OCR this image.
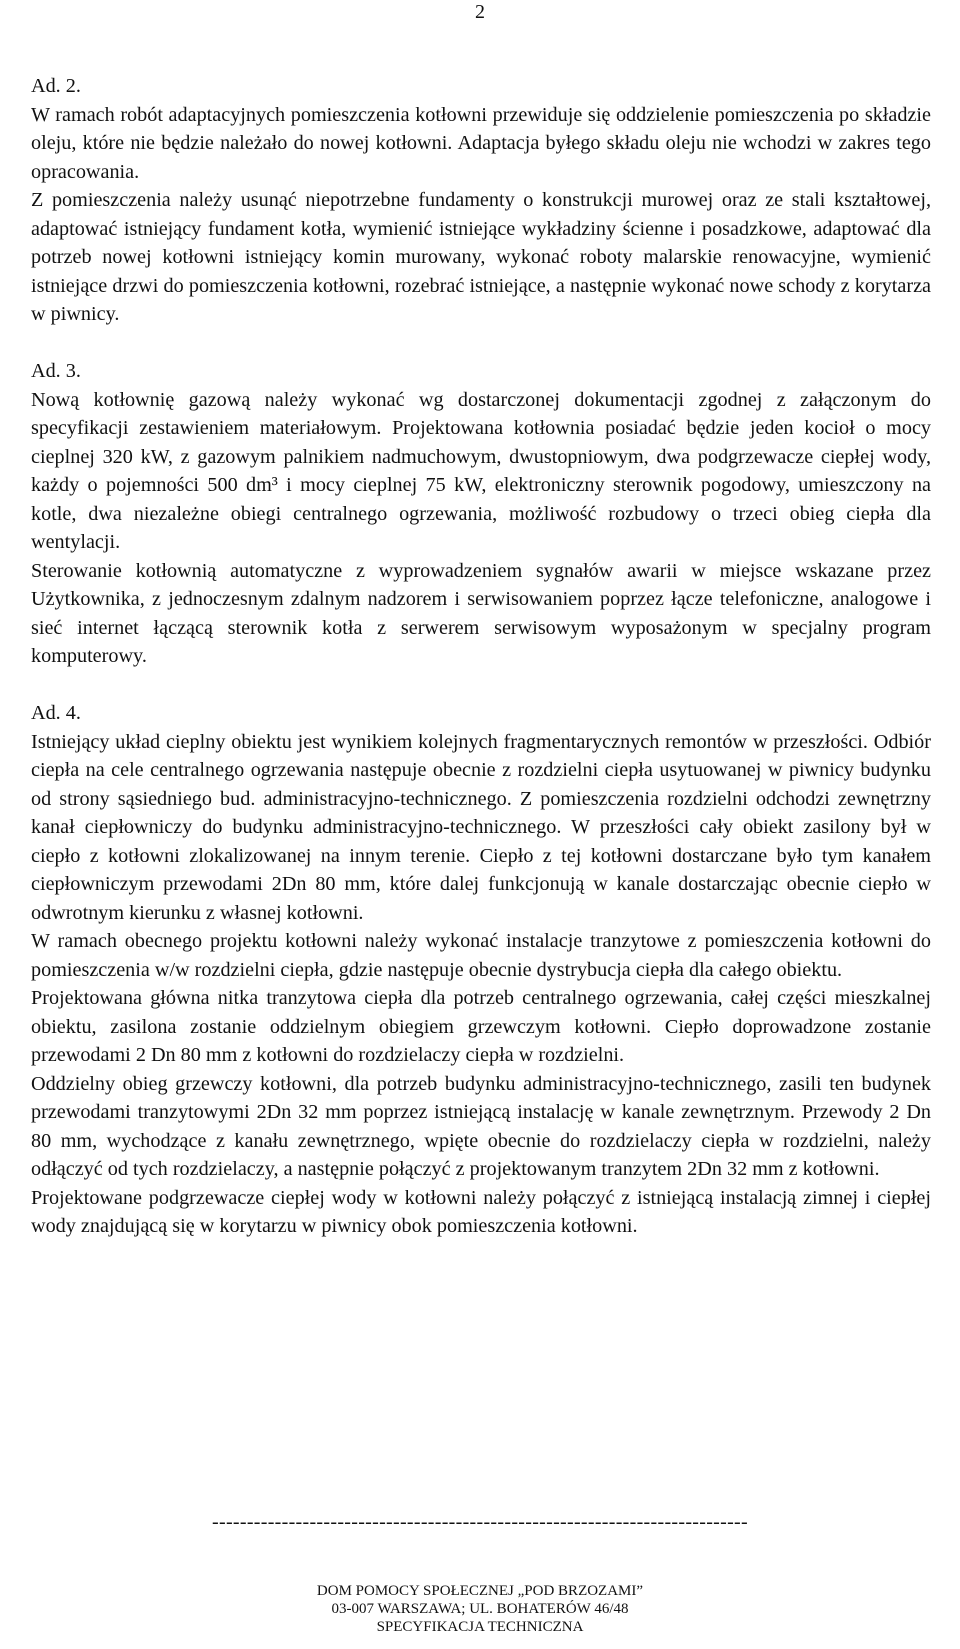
2

Ad. 2.

W ramach robót adaptacyjnych pomieszczenia kotłowni przewiduje się oddzielenie pomieszczenia po składzie oleju, które nie będzie należało do nowej kotłowni. Adaptacja byłego składu oleju nie wchodzi w zakres tego opracowania.

Z pomieszczenia należy usunąć niepotrzebne fundamenty o konstrukcji murowej oraz ze stali kształtowej, adaptować istniejący fundament kotła, wymienić istniejące wykładziny ścienne i posadzkowe, adaptować dla potrzeb nowej kotłowni istniejący komin murowany, wykonać roboty malarskie renowacyjne, wymienić istniejące drzwi do pomieszczenia kotłowni, rozebrać istniejące, a następnie wykonać nowe schody z korytarza w piwnicy.

Ad. 3.

Nową kotłownię gazową należy wykonać wg dostarczonej dokumentacji zgodnej z załączonym do specyfikacji zestawieniem materiałowym. Projektowana kotłownia posiadać będzie jeden kocioł o mocy cieplnej 320 kW, z gazowym palnikiem nadmuchowym, dwustopniowym, dwa podgrzewacze ciepłej wody, każdy o pojemności 500 dm³ i mocy cieplnej 75 kW, elektroniczny sterownik pogodowy, umieszczony na kotle, dwa niezależne obiegi centralnego ogrzewania, możliwość rozbudowy o trzeci obieg ciepła dla wentylacji.

Sterowanie kotłownią automatyczne z wyprowadzeniem sygnałów awarii w miejsce wskazane przez Użytkownika, z jednoczesnym zdalnym nadzorem i serwisowaniem poprzez łącze telefoniczne, analogowe i sieć internet łączącą sterownik kotła z serwerem serwisowym wyposażonym w specjalny program komputerowy.

Ad. 4.

Istniejący układ cieplny obiektu jest wynikiem kolejnych fragmentarycznych remontów w przeszłości. Odbiór ciepła na cele centralnego ogrzewania następuje obecnie z rozdzielni ciepła usytuowanej w piwnicy budynku od strony sąsiedniego bud. administracyjno-technicznego. Z pomieszczenia rozdzielni odchodzi zewnętrzny kanał ciepłowniczy do budynku administracyjno-technicznego. W przeszłości cały obiekt zasilony był w ciepło z kotłowni zlokalizowanej na innym terenie. Ciepło z tej kotłowni dostarczane było tym kanałem ciepłowniczym przewodami 2Dn 80 mm, które dalej funkcjonują w kanale dostarczając obecnie ciepło w odwrotnym kierunku z własnej kotłowni.

W ramach obecnego projektu kotłowni należy wykonać instalacje tranzytowe z pomieszczenia kotłowni do pomieszczenia w/w rozdzielni ciepła, gdzie następuje obecnie dystrybucja ciepła dla całego obiektu.

Projektowana główna nitka tranzytowa ciepła dla potrzeb centralnego ogrzewania, całej części mieszkalnej obiektu, zasilona zostanie oddzielnym obiegiem grzewczym kotłowni. Ciepło doprowadzone zostanie przewodami 2 Dn 80 mm z kotłowni do rozdzielaczy ciepła w rozdzielni.

Oddzielny obieg grzewczy kotłowni, dla potrzeb budynku administracyjno-technicznego, zasili ten budynek przewodami tranzytowymi 2Dn 32 mm poprzez istniejącą instalację w kanale zewnętrznym. Przewody 2 Dn 80 mm, wychodzące z kanału zewnętrznego, wpięte obecnie do rozdzielaczy ciepła w rozdzielni, należy odłączyć od tych rozdzielaczy, a następnie połączyć z projektowanym tranzytem 2Dn 32 mm z kotłowni.

Projektowane podgrzewacze ciepłej wody w kotłowni należy połączyć z istniejącą instalacją zimnej i ciepłej wody znajdującą się w korytarzu w piwnicy obok pomieszczenia kotłowni.

-----------------------------------------------------------------------------
DOM POMOCY SPOŁECZNEJ „POD BRZOZAMI”
03-007 WARSZAWA; UL. BOHATERÓW 46/48
SPECYFIKACJA TECHNICZNA
